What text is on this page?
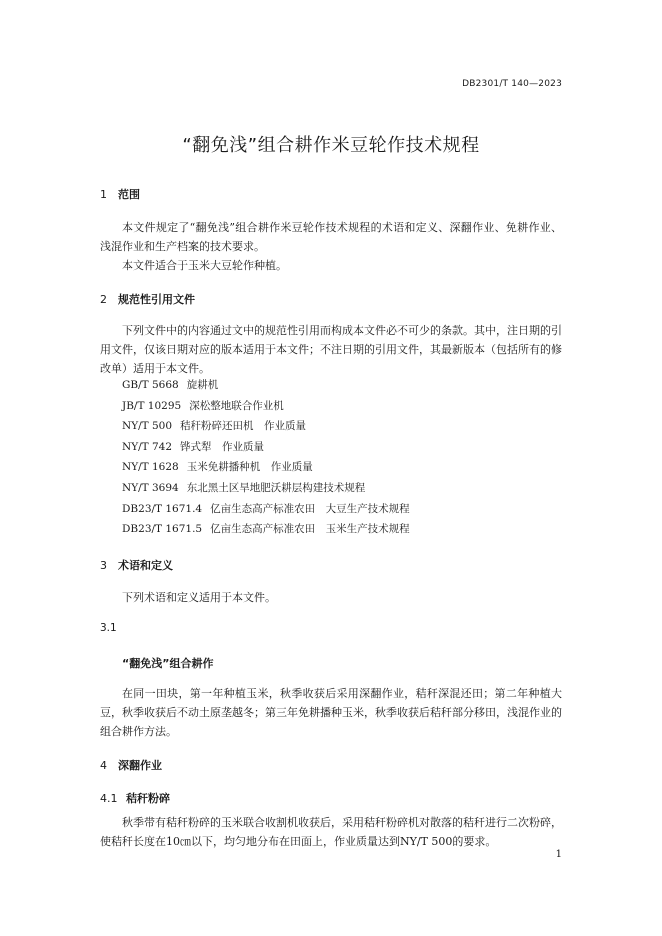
DB2301/T 140—2023
“翻免浅”组合耕作米豆轮作技术规程
1 范围

本文件规定了“翻免浅”组合耕作米豆轮作技术规程的术语和定义、深翻作业、免耕作业、浅混作业和生产档案的技术要求。

本文件适合于玉米大豆轮作种植。

2 规范性引用文件

下列文件中的内容通过文中的规范性引用而构成本文件必不可少的条款。其中，注日期的引用文件，仅该日期对应的版本适用于本文件；不注日期的引用文件，其最新版本（包括所有的修改单）适用于本文件。

GB/T 5668 旋耕机
JB/T 10295 深松整地联合作业机
NY/T 500 秸秆粉碎还田机　作业质量
NY/T 742 铧式犁　作业质量
NY/T 1628 玉米免耕播种机　作业质量
NY/T 3694 东北黑土区旱地肥沃耕层构建技术规程
DB23/T 1671.4 亿亩生态高产标准农田　大豆生产技术规程
DB23/T 1671.5 亿亩生态高产标准农田　玉米生产技术规程
3 术语和定义

下列术语和定义适用于本文件。

3.1
“翻免浅”组合耕作

在同一田块，第一年种植玉米，秋季收获后采用深翻作业，秸秆深混还田；第二年种植大豆，秋季收获后不动土原垄越冬；第三年免耕播种玉米，秋季收获后秸秆部分移田，浅混作业的组合耕作方法。

4 深翻作业
4.1 秸秆粉碎

秋季带有秸秆粉碎的玉米联合收割机收获后，采用秸秆粉碎机对散落的秸秆进行二次粉碎，使秸秆长度在10㎝以下，均匀地分布在田面上，作业质量达到NY/T 500的要求。

1
